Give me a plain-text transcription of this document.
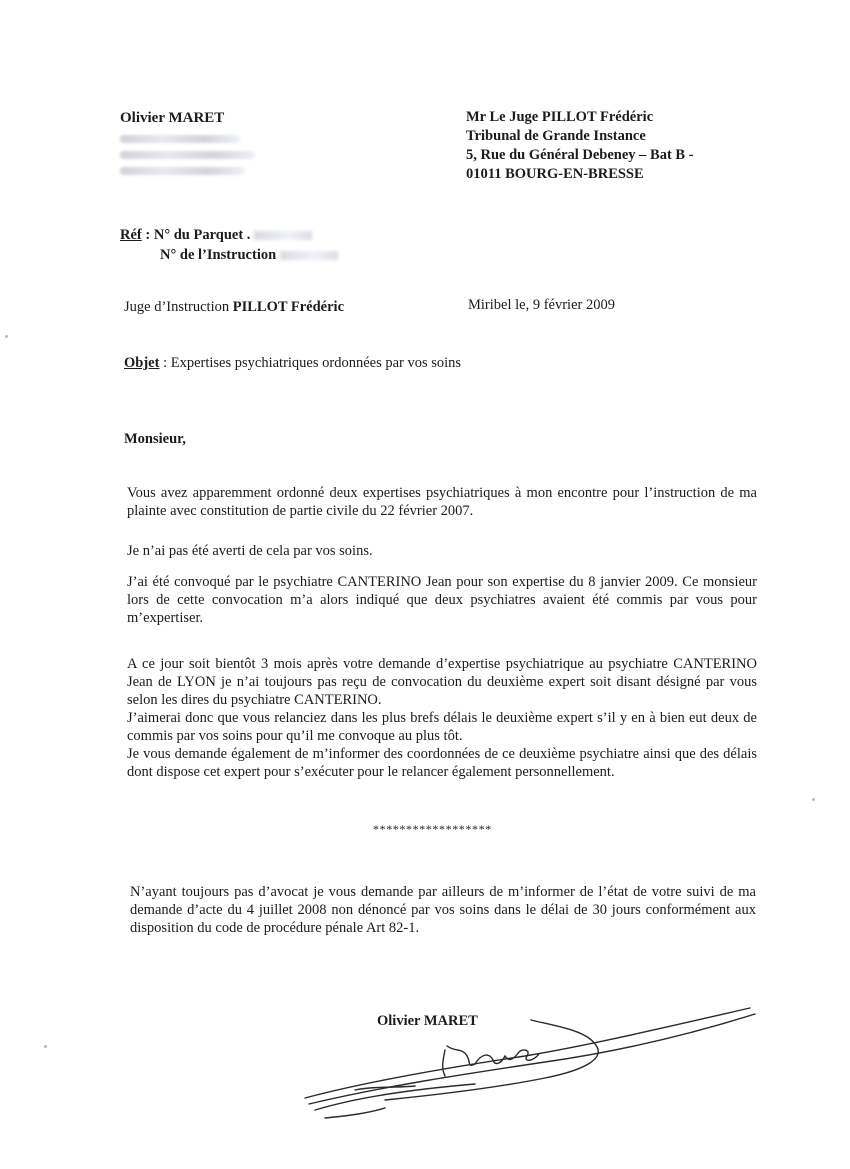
Olivier MARET	Mr Le Juge PILLOT Frédéric
Tribunal de Grande Instance
5, Rue du Général Debeney – Bat B -
01011 BOURG-EN-BRESSE
Réf : N° du Parquet .
N° de l’Instruction
Juge d’Instruction PILLOT Frédéric	Miribel le, 9 février 2009
Objet : Expertises psychiatriques ordonnées par vos soins
Monsieur,
Vous avez apparemment ordonné deux expertises psychiatriques à mon encontre pour l’instruction de ma plainte avec constitution de partie civile du 22 février 2007.
Je n’ai pas été averti de cela par vos soins.
J’ai été convoqué par le psychiatre CANTERINO Jean pour son expertise du 8 janvier 2009. Ce monsieur lors de cette convocation m’a alors indiqué que deux psychiatres avaient été commis par vous pour m’expertiser.
A ce jour soit bientôt 3 mois après votre demande d’expertise psychiatrique au psychiatre CANTERINO Jean de LYON je n’ai toujours pas reçu de convocation du deuxième expert soit disant désigné par vous selon les dires du psychiatre CANTERINO.
J’aimerai donc que vous relanciez dans les plus brefs délais le deuxième expert s’il y en à bien eut deux de commis par vos soins pour qu’il me convoque au plus tôt.
Je vous demande également de m’informer des coordonnées de ce deuxième psychiatre ainsi que des délais dont dispose cet expert pour s’exécuter pour le relancer également personnellement.
******************
N’ayant toujours pas d’avocat je vous demande par ailleurs de m’informer de l’état de votre suivi de ma demande d’acte du 4 juillet 2008 non dénoncé par vos soins dans le délai de 30 jours conformément aux disposition du code de procédure pénale Art 82-1.
Olivier MARET
